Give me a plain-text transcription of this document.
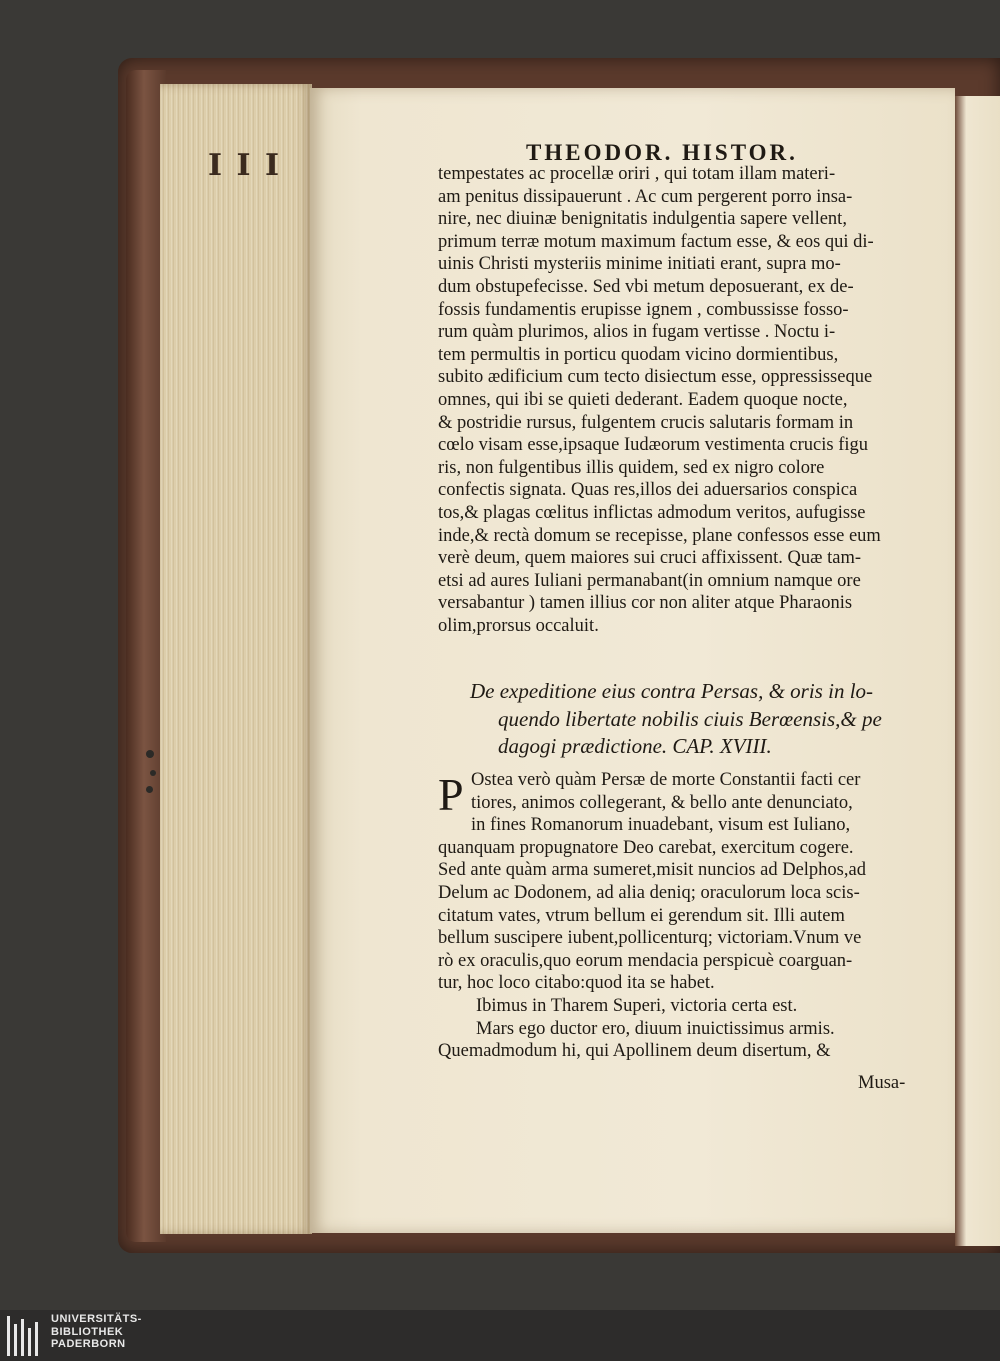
I I I	THEODOR. HISTOR.
tempestates ac procellæ oriri , qui totam illam materi-
am penitus dissipauerunt . Ac cum pergerent porro insa-
nire, nec diuinæ benignitatis indulgentia sapere vellent,
primum terræ motum maximum factum esse, & eos qui di-
uinis Christi mysteriis minime initiati erant, supra mo-
dum obstupefecisse. Sed vbi metum deposuerant, ex de-
fossis fundamentis erupisse ignem , combussisse fosso-
rum quàm plurimos, alios in fugam vertisse . Noctu i-
tem permultis in porticu quodam vicino dormientibus,
subito ædificium cum tecto disiectum esse, oppressisseque
omnes, qui ibi se quieti dederant. Eadem quoque nocte,
& postridie rursus, fulgentem crucis salutaris formam in
cœlo visam esse,ipsaque Iudæorum vestimenta crucis figu
ris, non fulgentibus illis quidem, sed ex nigro colore
confectis signata. Quas res,illos dei aduersarios conspica
tos,& plagas cœlitus inflictas admodum veritos, aufugisse
inde,& rectà domum se recepisse, plane confessos esse eum
verè deum, quem maiores sui cruci affixissent. Quæ tam-
etsi ad aures Iuliani permanabant(in omnium namque ore
versabantur ) tamen illius cor non aliter atque Pharaonis
olim,prorsus occaluit.
De expeditione eius contra Persas, & oris in lo-
quendo libertate nobilis ciuis Berœensis,& pe
dagogi prædictione. CAP. XVIII.
P Ostea verò quàm Persæ de morte Constantii facti cer
tiores, animos collegerant, & bello ante denunciato,
in fines Romanorum inuadebant, visum est Iuliano,
quanquam propugnatore Deo carebat, exercitum cogere.
Sed ante quàm arma sumeret,misit nuncios ad Delphos,ad
Delum ac Dodonem, ad alia deniq; oraculorum loca scis-
citatum vates, vtrum bellum ei gerendum sit. Illi autem
bellum suscipere iubent,pollicenturq; victoriam.Vnum ve
rò ex oraculis,quo eorum mendacia perspicuè coarguan-
tur, hoc loco citabo:quod ita se habet.
Ibimus in Tharem Superi, victoria certa est.
Mars ego ductor ero, diuum inuictissimus armis.
Quemadmodum hi, qui Apollinem deum disertum, &
Musa-
UNIVERSITÄTS-
BIBLIOTHEK
PADERBORN
